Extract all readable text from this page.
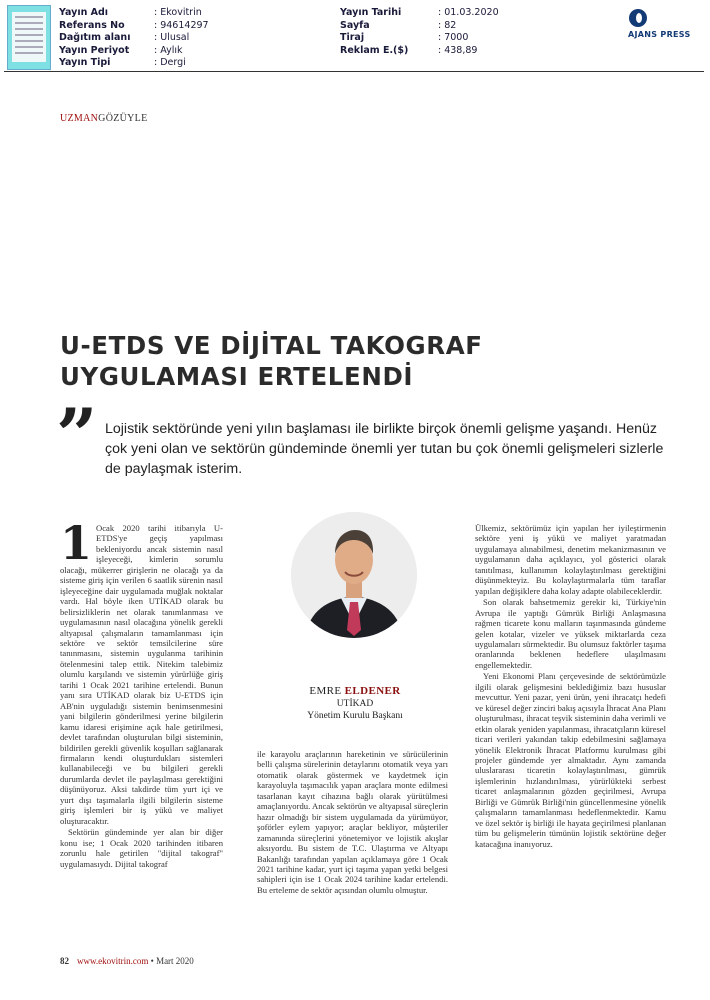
Yayın Adı	: Ekovitrin
Referans No	: 94614297
Dağıtım alanı	: Ulusal
Yayın Periyot	: Aylık
Yayın Tipi	: Dergi
Yayın Tarihi	: 01.03.2020
Sayfa	: 82
Tiraj	: 7000
Reklam E.($)	: 438,89
AJANS PRESS
UZMANGÖZÜYLE
U-ETDS VE DİJİTAL TAKOGRAF
UYGULAMASI ERTELENDİ
” Lojistik sektöründe yeni yılın başlaması ile birlikte birçok önemli gelişme yaşandı. Henüz çok yeni olan ve sektörün gündeminde önemli yer tutan bu çok önemli gelişmeleri sizlerle de paylaşmak isterim.
1 Ocak 2020 tarihi itibarıyla U-ETDS'ye geçiş yapılması bekleniyordu ancak sistemin nasıl işleyeceği, kimlerin sorumlu olacağı, mükerrer girişlerin ne olacağı ya da sisteme giriş için verilen 6 saatlik sürenin nasıl işleyeceğine dair uygulamada muğlak noktalar vardı. Hal böyle iken UTİKAD olarak bu belirsizliklerin net olarak tanımlanması ve uygulamasının nasıl olacağına yönelik gerekli altyapısal çalışmaların tamamlanması için sektöre ve sektör temsilcilerine süre tanınmasını, sistemin uygulanma tarihinin ötelenmesini talep ettik. Nitekim talebimiz olumlu karşılandı ve sistemin yürürlüğe giriş tarihi 1 Ocak 2021 tarihine ertelendi. Bunun yanı sıra UTİKAD olarak biz U-ETDS için AB'nin uyguladığı sistemin benimsenmesini yani bilgilerin gönderilmesi yerine bilgilerin kamu idaresi erişimine açık hale getirilmesi, devlet tarafından oluşturulan bilgi sisteminin, bildirilen gerekli güvenlik koşulları sağlanarak firmaların kendi oluşturdukları sistemleri kullanabileceği ve bu bilgileri gerekli durumlarda devlet ile paylaşılması gerektiğini düşünüyoruz. Aksi takdirde tüm yurt içi ve yurt dışı taşımalarla ilgili bilgilerin sisteme giriş işlemleri bir iş yükü ve maliyet oluşturacaktır.

Sektörün gündeminde yer alan bir diğer konu ise; 1 Ocak 2020 tarihinden itibaren zorunlu hale getirilen "dijital takograf" uygulamasıydı. Dijital takograf

EMRE ELDENER
UTİKAD
Yönetim Kurulu Başkanı

ile karayolu araçlarının hareketinin ve sürücülerinin belli çalışma sürelerinin detaylarını otomatik veya yarı otomatik olarak göstermek ve kaydetmek için karayoluyla taşımacılık yapan araçlara monte edilmesi tasarlanan kayıt cihazına bağlı olarak yürütülmesi amaçlanıyordu. Ancak sektörün ve altyapısal süreçlerin hazır olmadığı bir sistem uygulamada da yürümüyor, şoförler eylem yapıyor; araçlar bekliyor, müşteriler zamanında süreçlerini yönetemiyor ve lojistik akışlar aksıyordu. Bu sistem de T.C. Ulaştırma ve Altyapı Bakanlığı tarafından yapılan açıklamaya göre 1 Ocak 2021 tarihine kadar, yurt içi taşıma yapan yetki belgesi sahipleri için ise 1 Ocak 2024 tarihine kadar ertelendi. Bu erteleme de sektör açısından olumlu olmuştur.

Ülkemiz, sektörümüz için yapılan her iyileştirmenin sektöre yeni iş yükü ve maliyet yaratmadan uygulamaya alınabilmesi, denetim mekanizmasının ve uygulamanın daha açıklayıcı, yol gösterici olarak tanıtılması, kullanımın kolaylaştırılması gerektiğini düşünmekteyiz. Bu kolaylaştırmalarla tüm taraflar yapılan değişiklere daha kolay adapte olabileceklerdir.

Son olarak bahsetmemiz gerekir ki, Türkiye'nin Avrupa ile yaptığı Gümrük Birliği Anlaşmasına rağmen ticarete konu malların taşınmasında gündeme gelen kotalar, vizeler ve yüksek miktarlarda ceza uygulamaları sürmektedir. Bu olumsuz faktörler taşıma oranlarında beklenen hedeflere ulaşılmasını engellemektedir.

Yeni Ekonomi Planı çerçevesinde de sektörümüzle ilgili olarak gelişmesini beklediğimiz bazı hususlar mevcuttur. Yeni pazar, yeni ürün, yeni ihracatçı hedefi ve küresel değer zinciri bakış açısıyla İhracat Ana Planı oluşturulması, ihracat teşvik sisteminin daha verimli ve etkin olarak yeniden yapılanması, ihracatçıların küresel ticari verileri yakından takip edebilmesini sağlamaya yönelik Elektronik İhracat Platformu kurulması gibi projeler gündemde yer almaktadır. Aynı zamanda uluslararası ticaretin kolaylaştırılması, gümrük işlemlerinin hızlandırılması, yürürlükteki serbest ticaret anlaşmalarının gözden geçirilmesi, Avrupa Birliği ve Gümrük Birliği'nin güncellenmesine yönelik çalışmaların tamamlanması hedeflenmektedir. Kamu ve özel sektör iş birliği ile hayata geçirilmesi planlanan tüm bu gelişmelerin tümünün lojistik sektörüne değer katacağına inanıyoruz.

82 www.ekovitrin.com • Mart 2020
